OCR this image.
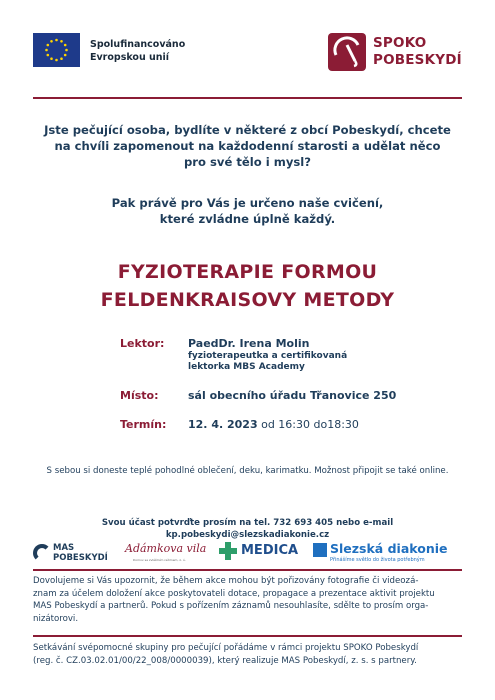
Spolufinancováno
Evropskou unií
SPOKO
POBESKYDÍ
Jste pečující osoba, bydlíte v některé z obcí Pobeskydí, chcete
na chvíli zapomenout na každodenní starosti a udělat něco
pro své tělo i mysl?
Pak právě pro Vás je určeno naše cvičení,
které zvládne úplně každý.
FYZIOTERAPIE FORMOU
FELDENKRAISOVY METODY
Lektor: PaedDr. Irena Molin
fyzioterapeutka a certifikovaná
lektorka MBS Academy
Místo:	sál obecního úřadu Třanovice 250
Termín: 12. 4. 2023 od 16:30 do18:30
S sebou si doneste teplé pohodlné oblečení, deku, karimatku. Možnost připojit se také online.
Svou účast potvrďte prosím na tel. 732 693 405 nebo e-mail kp.pobeskydi@slezskadiakonie.cz
MAS
POBESKYDÍ
Adámkova vila
Domov se zvláštním režimem, z. ú.
MEDICA	Slezská diakonie
Přinášíme světlo do života potřebným
Dovolujeme si Vás upozornit, že během akce mohou být pořizovány fotografie či videozá-
znam za účelem doložení akce poskytovateli dotace, propagace a prezentace aktivit projektu
MAS Pobeskydí a partnerů. Pokud s pořízením záznamů nesouhlasíte, sdělte to prosím orga-
nizátorovi.
Setkávání svépomocné skupiny pro pečující pořádáme v rámci projektu SPOKO Pobeskydí
(reg. č. CZ.03.02.01/00/22_008/0000039), který realizuje MAS Pobeskydí, z. s. s partnery.
